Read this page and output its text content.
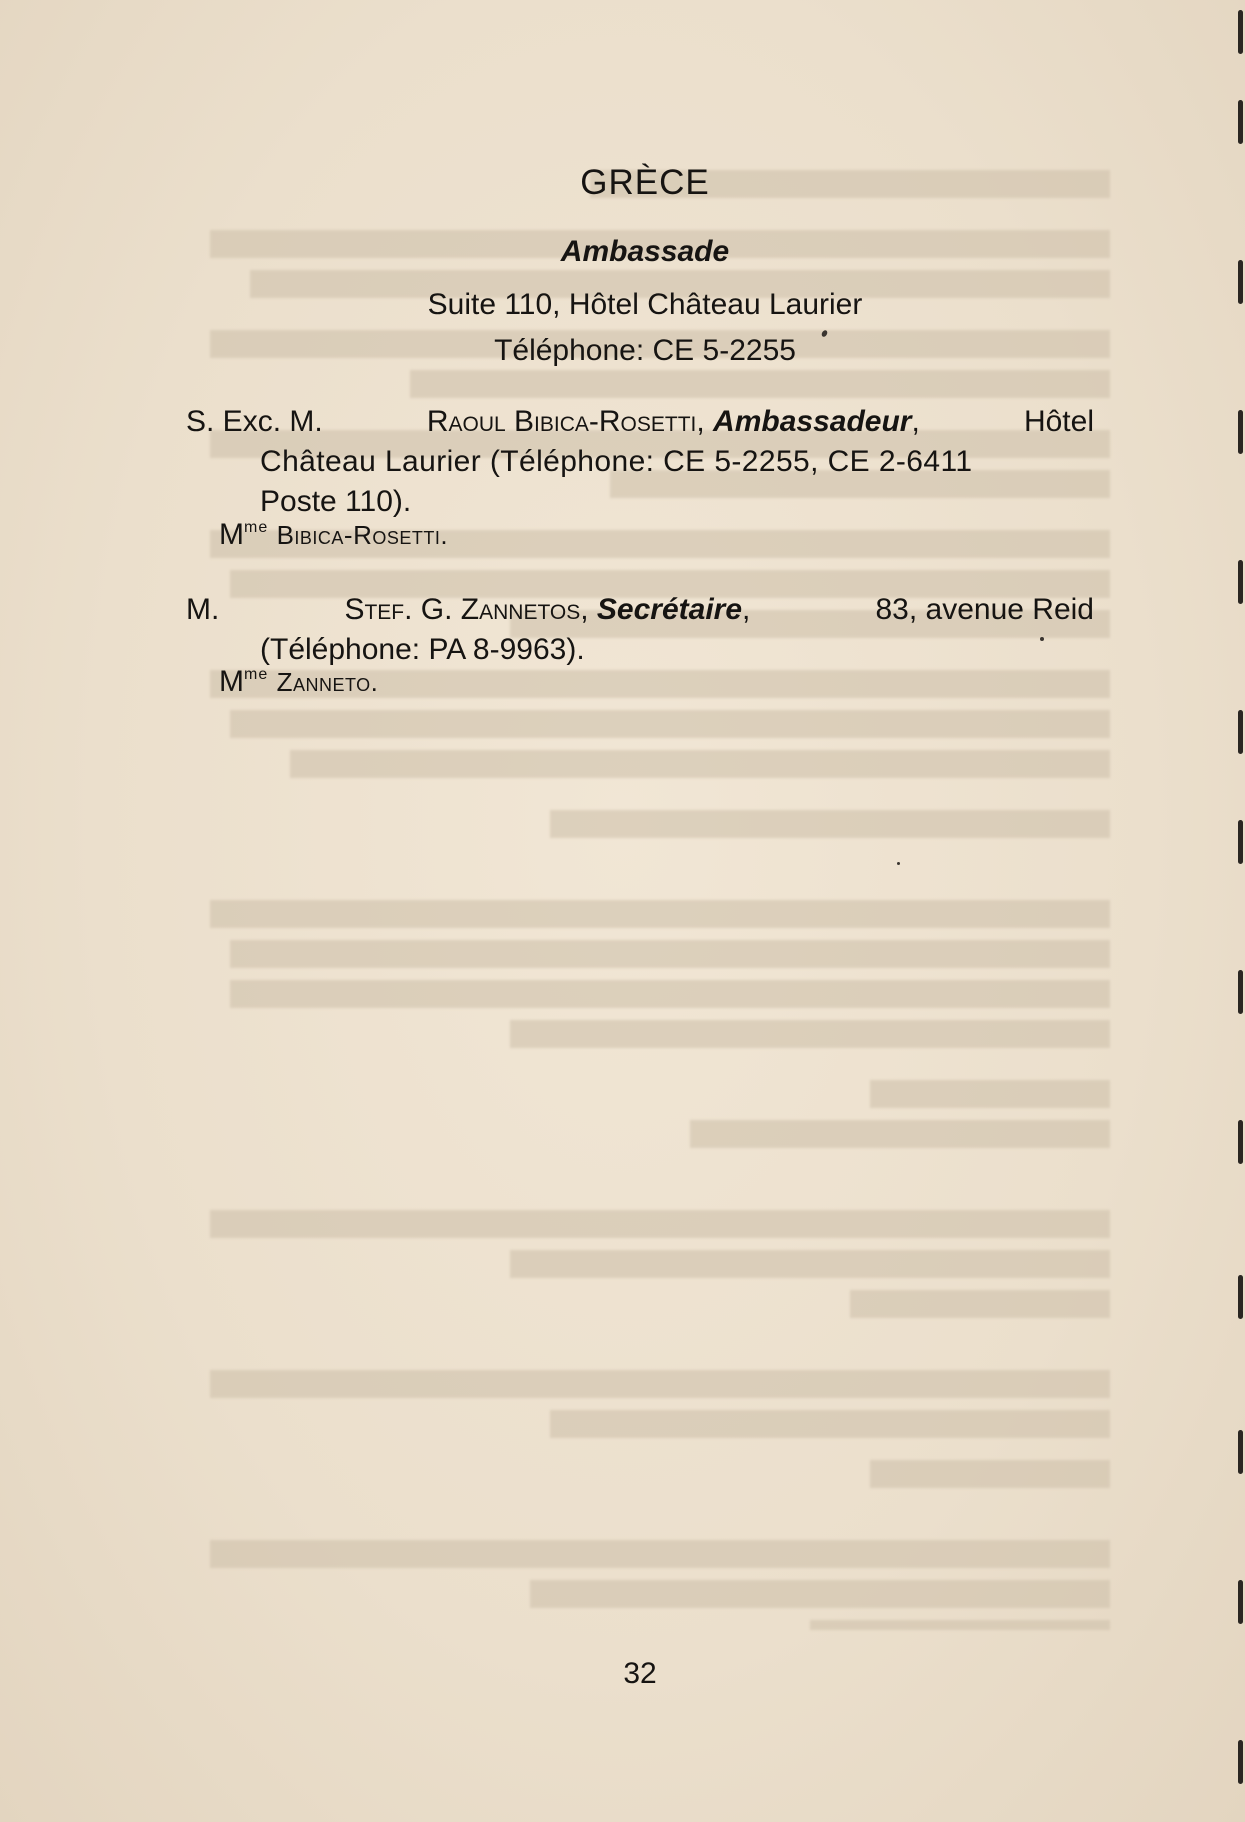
GRÈCE
Ambassade
Suite 110, Hôtel Château Laurier
Téléphone: CE 5-2255
S. Exc. M.	Raoul Bibica-Rosetti, Ambassadeur,	Hôtel
Château Laurier (Téléphone: CE 5-2255, CE 2-6411
Poste 110).
$M^{me}$ Bibica-Rosetti.
M.	Stef. G. Zannetos, Secrétaire,	83, avenue Reid
(Téléphone: PA 8-9963).
$M^{me}$ Zanneto.
32
